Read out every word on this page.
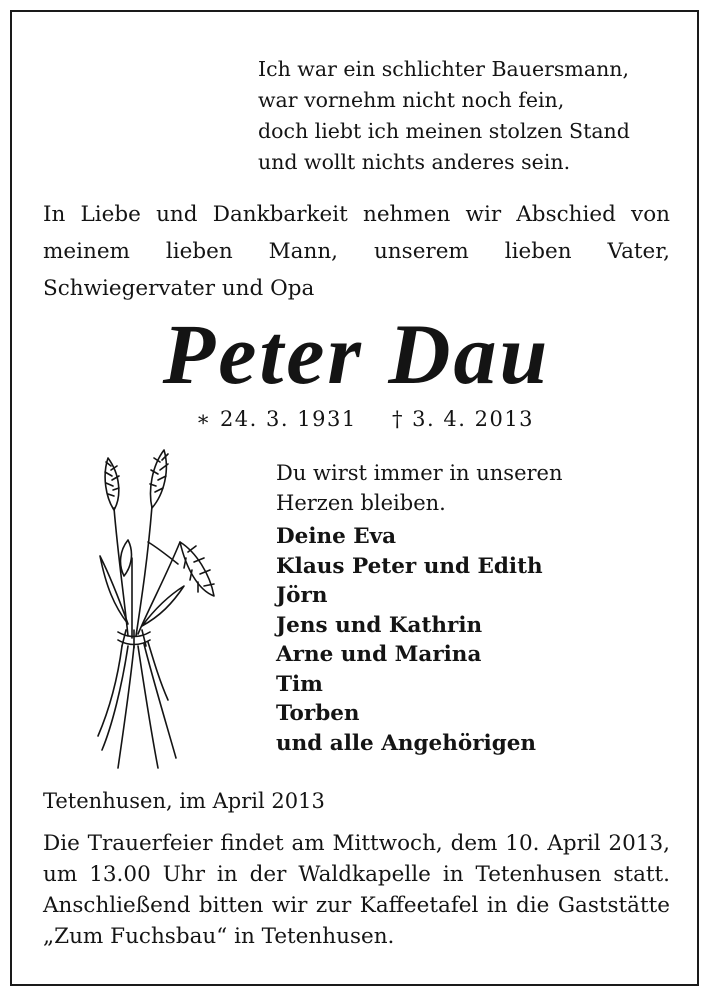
Ich war ein schlichter Bauersmann,
war vornehm nicht noch fein,
doch liebt ich meinen stolzen Stand
und wollt nichts anderes sein.
In Liebe und Dankbarkeit nehmen wir Abschied von meinem lieben Mann, unserem lieben Vater, Schwiegervater und Opa
Peter Dau
∗ 24. 3. 1931 † 3. 4. 2013
Du wirst immer in unseren
Herzen bleiben.
Deine Eva
Klaus Peter und Edith
Jörn
Jens und Kathrin
Arne und Marina
Tim
Torben
und alle Angehörigen
Tetenhusen, im April 2013
Die Trauerfeier findet am Mittwoch, dem 10. April 2013, um 13.00 Uhr in der Waldkapelle in Tetenhusen statt. Anschließend bitten wir zur Kaffeetafel in die Gaststätte „Zum Fuchsbau“ in Tetenhusen.
